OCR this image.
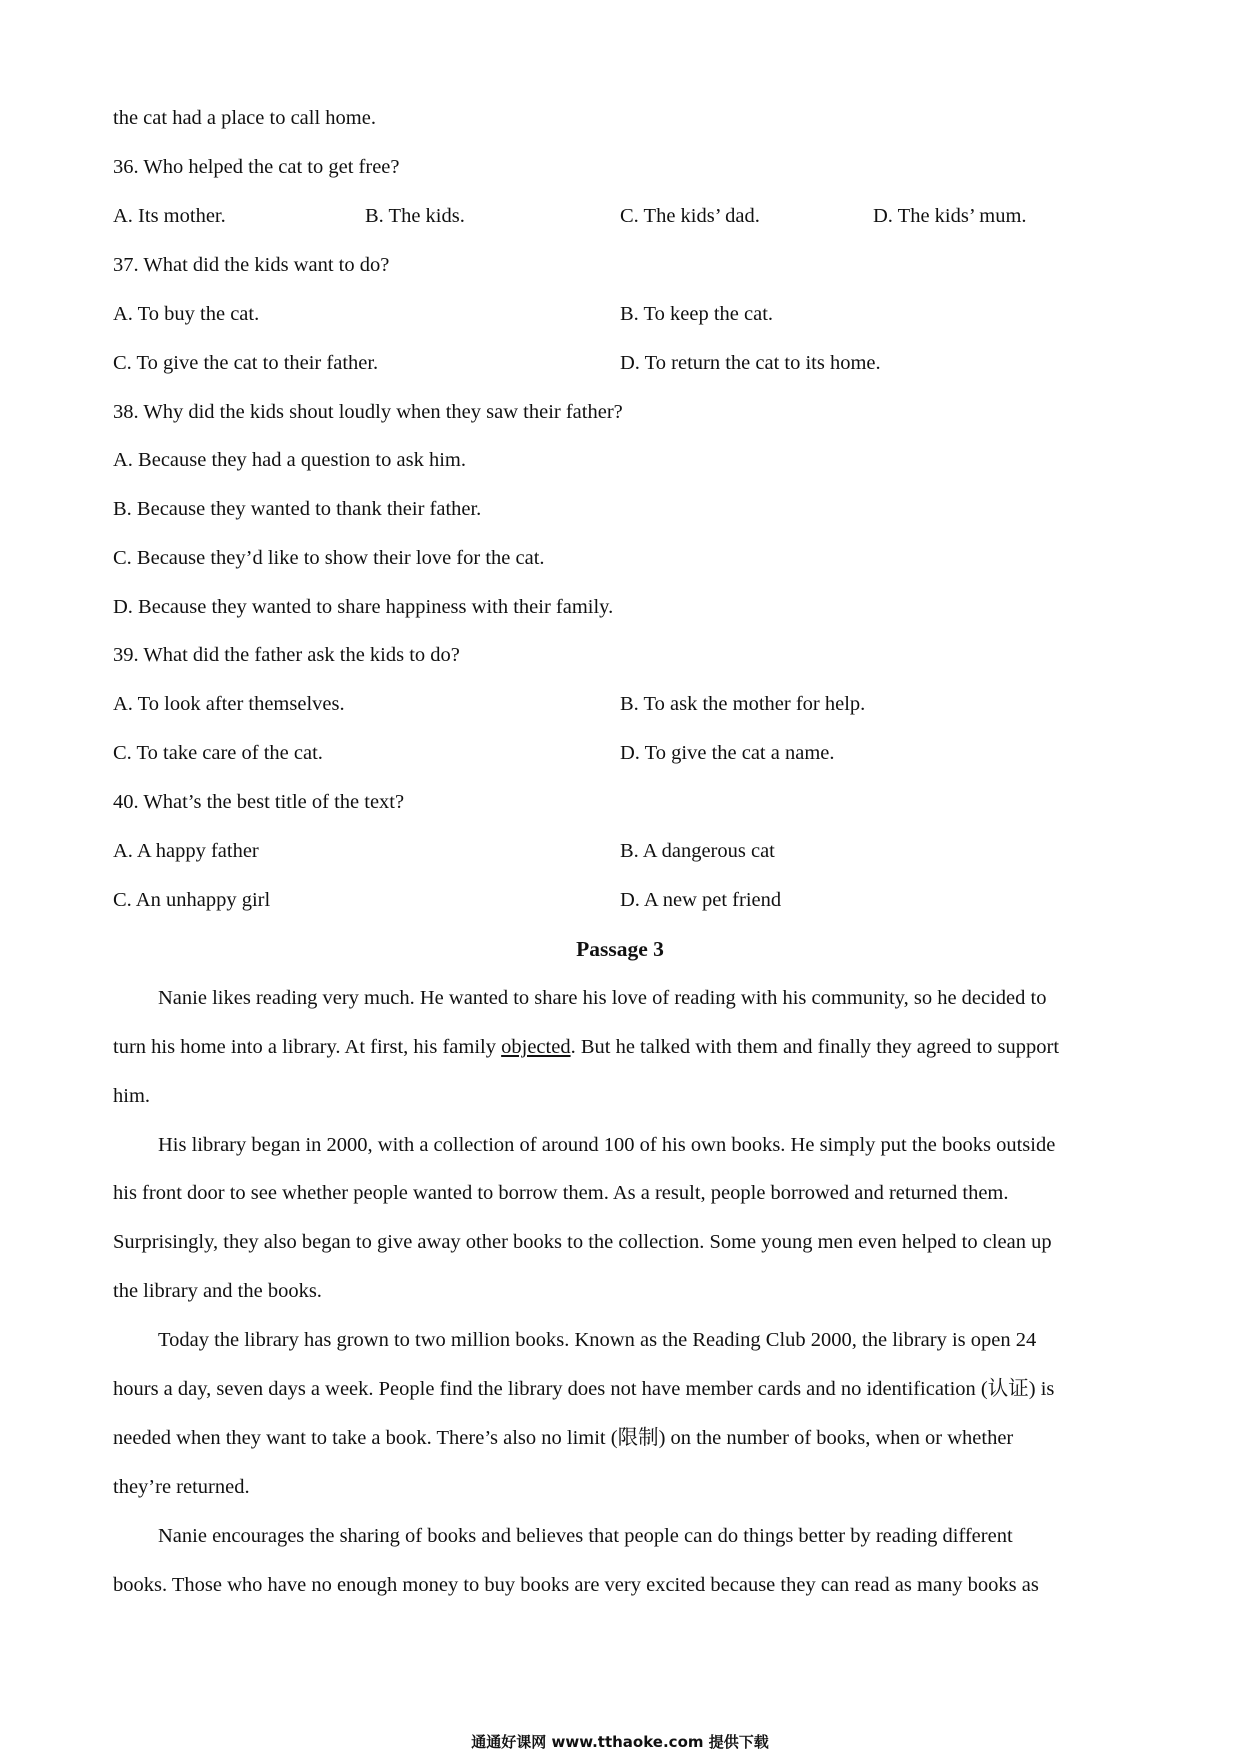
the cat had a place to call home.
36. Who helped the cat to get free?
A. Its mother.	B. The kids.	C. The kids’ dad.	D. The kids’ mum.
37. What did the kids want to do?
A. To buy the cat.	B. To keep the cat.
C. To give the cat to their father.	D. To return the cat to its home.
38. Why did the kids shout loudly when they saw their father?
A. Because they had a question to ask him.
B. Because they wanted to thank their father.
C. Because they’d like to show their love for the cat.
D. Because they wanted to share happiness with their family.
39. What did the father ask the kids to do?
A. To look after themselves.	B. To ask the mother for help.
C. To take care of the cat.	D. To give the cat a name.
40. What’s the best title of the text?
A. A happy father	B. A dangerous cat
C. An unhappy girl	D. A new pet friend
Passage 3
Nanie likes reading very much. He wanted to share his love of reading with his community, so he decided to
turn his home into a library. At first, his family objected. But he talked with them and finally they agreed to support
him.
His library began in 2000, with a collection of around 100 of his own books. He simply put the books outside
his front door to see whether people wanted to borrow them. As a result, people borrowed and returned them.
Surprisingly, they also began to give away other books to the collection. Some young men even helped to clean up
the library and the books.
Today the library has grown to two million books. Known as the Reading Club 2000, the library is open 24
hours a day, seven days a week. People find the library does not have member cards and no identification (认证) is
needed when they want to take a book. There’s also no limit (限制) on the number of books, when or whether
they’re returned.
Nanie encourages the sharing of books and believes that people can do things better by reading different
books. Those who have no enough money to buy books are very excited because they can read as many books as
通通好课网 www.tthaoke.com 提供下载
